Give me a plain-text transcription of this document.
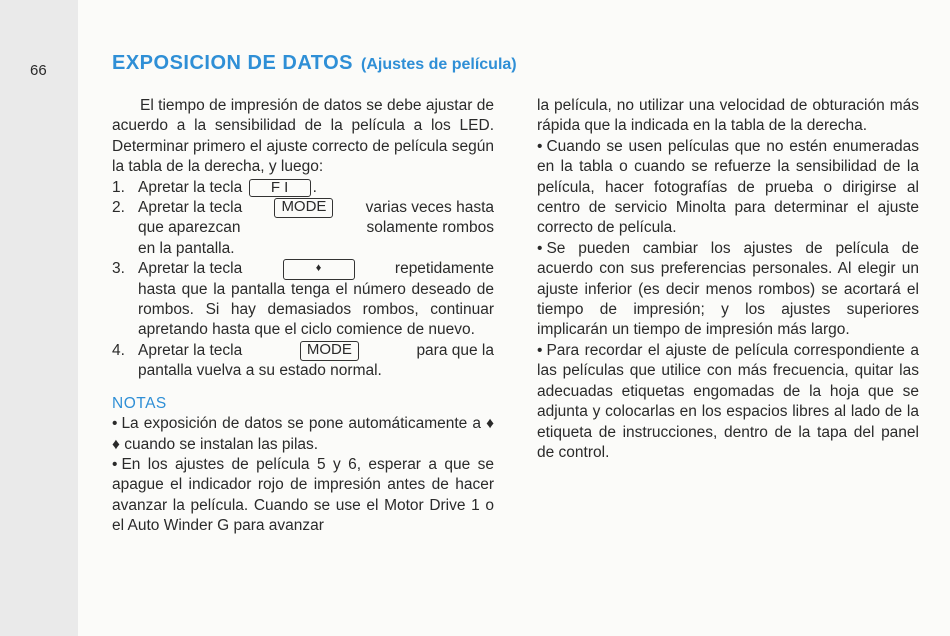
66	EXPOSICION DE DATOS (Ajustes de película)

El tiempo de impresión de datos se debe ajustar de acuerdo a la sensibilidad de la película a los LED. Determinar primero el ajuste correcto de película según la tabla de la derecha, y luego:

1. Apretar la tecla F I .
2. Apretar la tecla	MODE	varias veces hasta
que aparezcan	solamente rombos
en la pantalla.
3. Apretar la tecla	♦	repetidamente
hasta que la pantalla tenga el número deseado de rombos. Si hay demasiados rombos, continuar apretando hasta que el ciclo comience de nuevo.
4. Apretar la tecla	MODE	para que la
pantalla vuelva a su estado normal.
NOTAS

• La exposición de datos se pone automáticamente a ♦ ♦ cuando se instalan las pilas.

• En los ajustes de película 5 y 6, esperar a que se apague el indicador rojo de impresión antes de hacer avanzar la película. Cuando se use el Motor Drive 1 o el Auto Winder G para avanzar

la película, no utilizar una velocidad de obturación más rápida que la indicada en la tabla de la derecha.

• Cuando se usen películas que no estén enumeradas en la tabla o cuando se refuerze la sensibilidad de la película, hacer fotografías de prueba o dirigirse al centro de servicio Minolta para determinar el ajuste correcto de película.

• Se pueden cambiar los ajustes de película de acuerdo con sus preferencias personales. Al elegir un ajuste inferior (es decir menos rombos) se acortará el tiempo de impresión; y los ajustes superiores implicarán un tiempo de impresión más largo.

• Para recordar el ajuste de película correspondiente a las películas que utilice con más frecuencia, quitar las adecuadas etiquetas engomadas de la hoja que se adjunta y colocarlas en los espacios libres al lado de la etiqueta de instrucciones, dentro de la tapa del panel de control.
